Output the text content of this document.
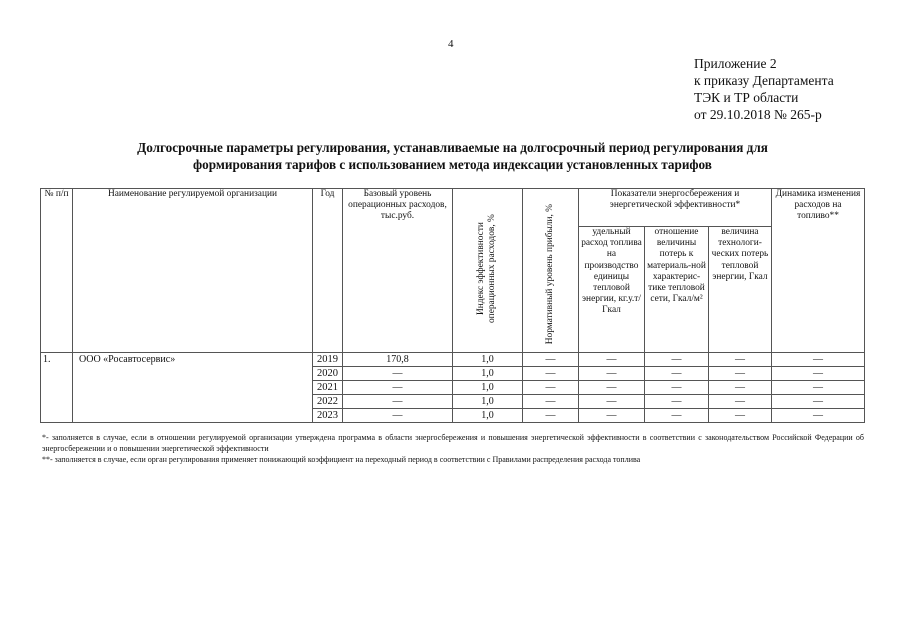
4
Приложение 2
к приказу Департамента
ТЭК и ТР области
от 29.10.2018 № 265-р
Долгосрочные параметры регулирования, устанавливаемые на долгосрочный период регулирования для
формирования тарифов с использованием метода индексации установленных тарифов
№ п/п	Наименование регулируемой организации	Год	Базовый уровень операционных расходов, тыс.руб.	Индекс эффективности операционных расходов, %	Нормативный уровень прибыли, %	Показатели энергосбережения и энергетической эффективности*			Динамика изменения расходов на топливо**
						удельный расход топлива на производство единицы тепловой энергии, кг.у.т/Гкал	отношение величины потерь к материаль-ной характерис-тике тепловой сети, Гкал/м²	величина технологи-ческих потерь тепловой энергии, Гкал	
1.	ООО «Росавтосервис»	2019	170,8	1,0	—	—	—	—	—
		2020	—	1,0	—	—	—	—	—
		2021	—	1,0	—	—	—	—	—
		2022	—	1,0	—	—	—	—	—
		2023	—	1,0	—	—	—	—	—

*- заполняется в случае, если в отношении регулируемой организации утверждена программа в области энергосбережения и повышения энергетической эффективности в соответствии с законодательством Российской Федерации об энергосбережении и о повышении энергетической эффективности

**- заполняется в случае, если орган регулирования применяет понижающий коэффициент на переходный период в соответствии с Правилами распределения расхода топлива
